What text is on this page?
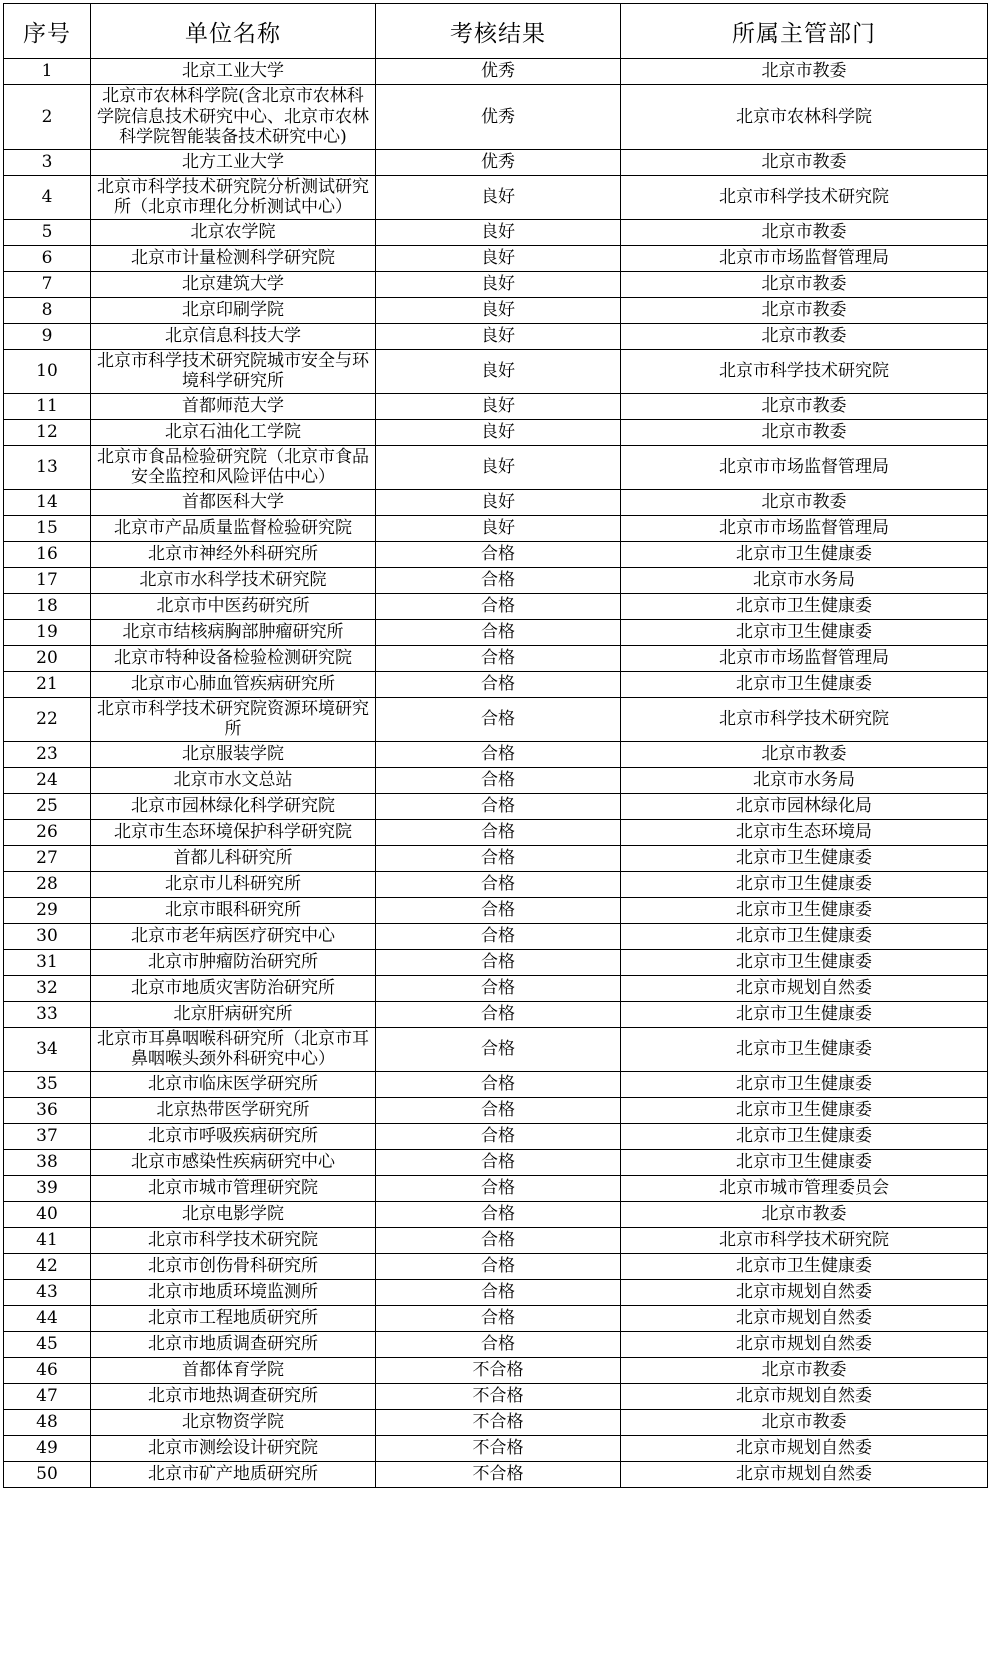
序号	单位名称	考核结果	所属主管部门
1	北京工业大学	优秀	北京市教委
2	北京市农林科学院(含北京市农林科学院信息技术研究中心、北京市农林科学院智能装备技术研究中心)	优秀	北京市农林科学院
3	北方工业大学	优秀	北京市教委
4	北京市科学技术研究院分析测试研究所（北京市理化分析测试中心）	良好	北京市科学技术研究院
5	北京农学院	良好	北京市教委
6	北京市计量检测科学研究院	良好	北京市市场监督管理局
7	北京建筑大学	良好	北京市教委
8	北京印刷学院	良好	北京市教委
9	北京信息科技大学	良好	北京市教委
10	北京市科学技术研究院城市安全与环境科学研究所	良好	北京市科学技术研究院
11	首都师范大学	良好	北京市教委
12	北京石油化工学院	良好	北京市教委
13	北京市食品检验研究院（北京市食品安全监控和风险评估中心）	良好	北京市市场监督管理局
14	首都医科大学	良好	北京市教委
15	北京市产品质量监督检验研究院	良好	北京市市场监督管理局
16	北京市神经外科研究所	合格	北京市卫生健康委
17	北京市水科学技术研究院	合格	北京市水务局
18	北京市中医药研究所	合格	北京市卫生健康委
19	北京市结核病胸部肿瘤研究所	合格	北京市卫生健康委
20	北京市特种设备检验检测研究院	合格	北京市市场监督管理局
21	北京市心肺血管疾病研究所	合格	北京市卫生健康委
22	北京市科学技术研究院资源环境研究所	合格	北京市科学技术研究院
23	北京服装学院	合格	北京市教委
24	北京市水文总站	合格	北京市水务局
25	北京市园林绿化科学研究院	合格	北京市园林绿化局
26	北京市生态环境保护科学研究院	合格	北京市生态环境局
27	首都儿科研究所	合格	北京市卫生健康委
28	北京市儿科研究所	合格	北京市卫生健康委
29	北京市眼科研究所	合格	北京市卫生健康委
30	北京市老年病医疗研究中心	合格	北京市卫生健康委
31	北京市肿瘤防治研究所	合格	北京市卫生健康委
32	北京市地质灾害防治研究所	合格	北京市规划自然委
33	北京肝病研究所	合格	北京市卫生健康委
34	北京市耳鼻咽喉科研究所（北京市耳鼻咽喉头颈外科研究中心）	合格	北京市卫生健康委
35	北京市临床医学研究所	合格	北京市卫生健康委
36	北京热带医学研究所	合格	北京市卫生健康委
37	北京市呼吸疾病研究所	合格	北京市卫生健康委
38	北京市感染性疾病研究中心	合格	北京市卫生健康委
39	北京市城市管理研究院	合格	北京市城市管理委员会
40	北京电影学院	合格	北京市教委
41	北京市科学技术研究院	合格	北京市科学技术研究院
42	北京市创伤骨科研究所	合格	北京市卫生健康委
43	北京市地质环境监测所	合格	北京市规划自然委
44	北京市工程地质研究所	合格	北京市规划自然委
45	北京市地质调查研究所	合格	北京市规划自然委
46	首都体育学院	不合格	北京市教委
47	北京市地热调查研究所	不合格	北京市规划自然委
48	北京物资学院	不合格	北京市教委
49	北京市测绘设计研究院	不合格	北京市规划自然委
50	北京市矿产地质研究所	不合格	北京市规划自然委
